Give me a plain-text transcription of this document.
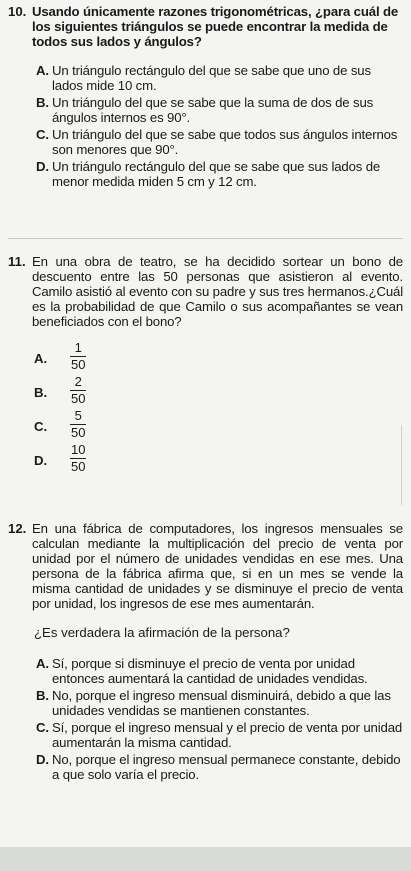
10. Usando únicamente razones trigonométricas, ¿para cuál de los siguientes triángulos se puede encontrar la medida de todos sus lados y ángulos?
A. Un triángulo rectángulo del que se sabe que uno de sus lados mide 10 cm.
B. Un triángulo del que se sabe que la suma de dos de sus ángulos internos es 90°.
C. Un triángulo del que se sabe que todos sus ángulos internos son menores que 90°.
D. Un triángulo rectángulo del que se sabe que sus lados de menor medida miden 5 cm y 12 cm.
11. En una obra de teatro, se ha decidido sortear un bono de descuento entre las 50 personas que asistieron al evento. Camilo asistió al evento con su padre y sus tres hermanos.¿Cuál es la probabilidad de que Camilo o sus acompañantes se vean beneficiados con el bono?
A.
1
50
B.
2
50
C.
5
50
D.
10
50
12. En una fábrica de computadores, los ingresos mensuales se calculan mediante la multiplicación del precio de venta por unidad por el número de unidades vendidas en ese mes. Una persona de la fábrica afirma que, si en un mes se vende la misma cantidad de unidades y se disminuye el precio de venta por unidad, los ingresos de ese mes aumentarán.
¿Es verdadera la afirmación de la persona?
A. Sí, porque si disminuye el precio de venta por unidad entonces aumentará la cantidad de unidades vendidas.
B. No, porque el ingreso mensual disminuirá, debido a que las unidades vendidas se mantienen constantes.
C. Sí, porque el ingreso mensual y el precio de venta por unidad aumentarán la misma cantidad.
D. No, porque el ingreso mensual permanece constante, debido a que solo varía el precio.
